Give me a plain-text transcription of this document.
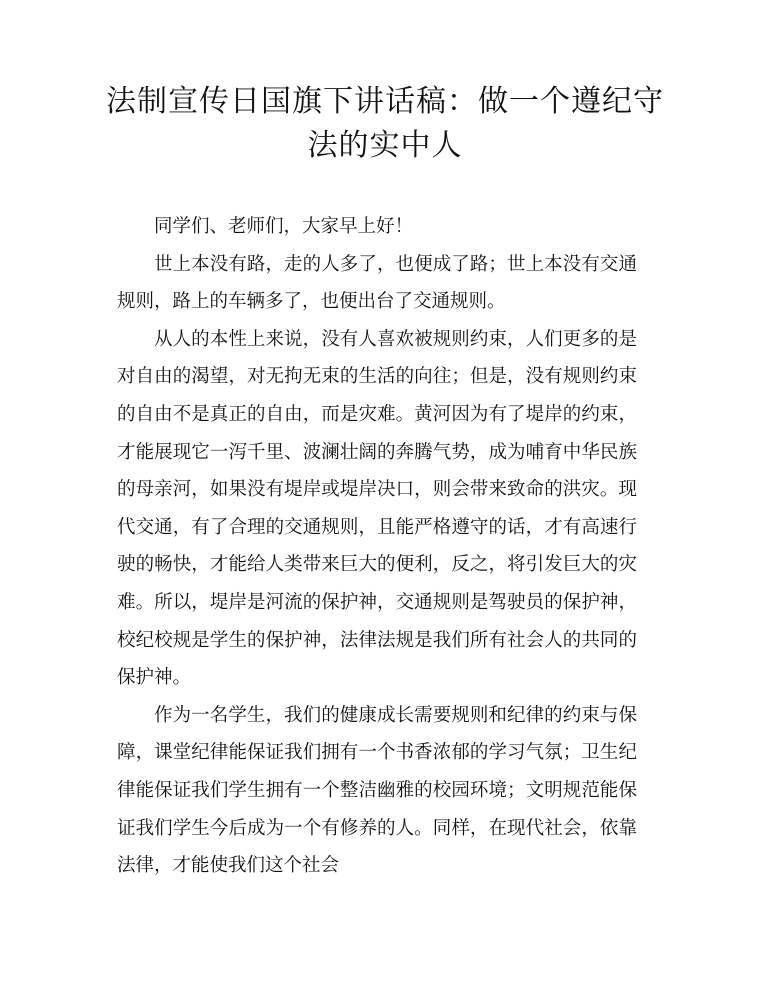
法制宣传日国旗下讲话稿：做一个遵纪守法的实中人

同学们、老师们，大家早上好！

世上本没有路，走的人多了，也便成了路；世上本没有交通规则，路上的车辆多了，也便出台了交通规则。

从人的本性上来说，没有人喜欢被规则约束，人们更多的是对自由的渴望，对无拘无束的生活的向往；但是，没有规则约束的自由不是真正的自由，而是灾难。黄河因为有了堤岸的约束，才能展现它一泻千里、波澜壮阔的奔腾气势，成为哺育中华民族的母亲河，如果没有堤岸或堤岸决口，则会带来致命的洪灾。现代交通，有了合理的交通规则，且能严格遵守的话，才有高速行驶的畅快，才能给人类带来巨大的便利，反之，将引发巨大的灾难。所以，堤岸是河流的保护神，交通规则是驾驶员的保护神，校纪校规是学生的保护神，法律法规是我们所有社会人的共同的保护神。

作为一名学生，我们的健康成长需要规则和纪律的约束与保障，课堂纪律能保证我们拥有一个书香浓郁的学习气氛；卫生纪律能保证我们学生拥有一个整洁幽雅的校园环境；文明规范能保证我们学生今后成为一个有修养的人。同样，在现代社会，依靠法律，才能使我们这个社会
